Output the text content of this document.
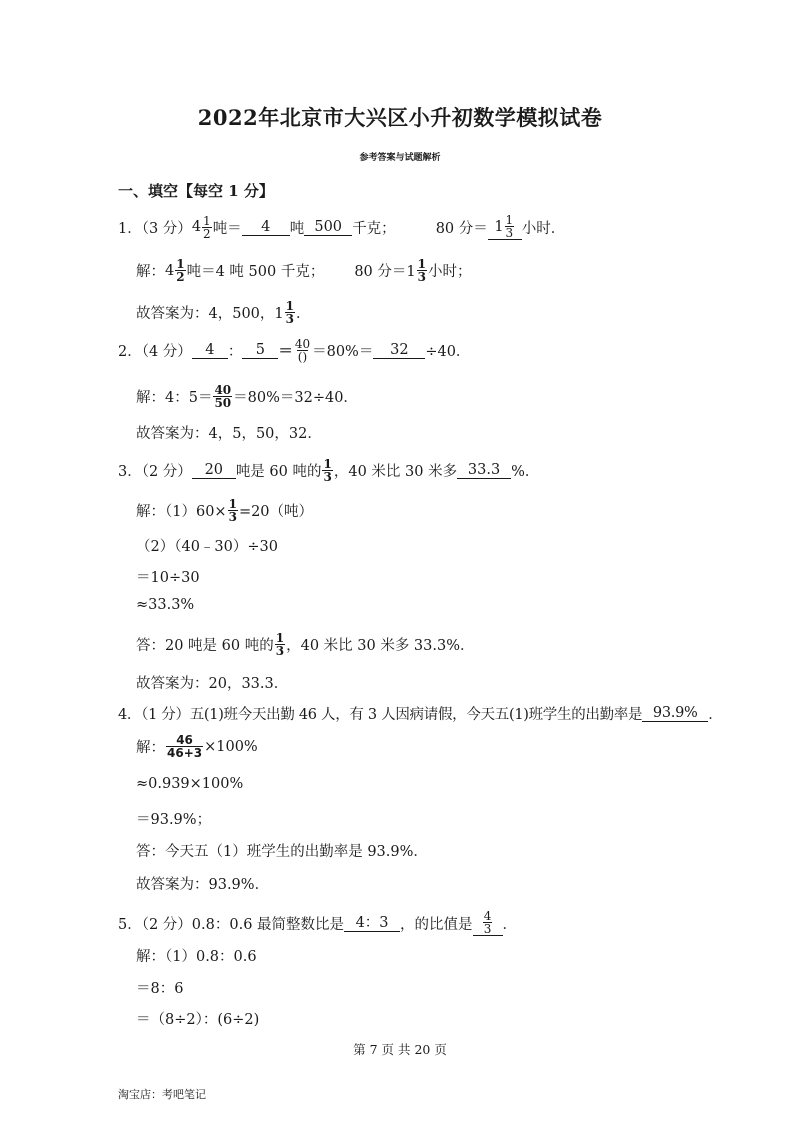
2022年北京市大兴区小升初数学模拟试卷
参考答案与试题解析
一、填空【每空 1 分】
1．（3 分） $4 \frac{1}{2}$ 吨＝	4	吨 500 千克；	80 分＝ $1 \frac{1}{3}$ 小时．
解： $4 \frac{1}{2}$ 吨＝4 吨 500 千克； 80 分$=1 \frac{1}{3}$ 小时；
故答案为：4，500，$1 \frac{1}{3}$ ．
2．（4 分） 4 ： $5 = \frac{40}{()} =80\%=$	32	÷40．
解：4：$5= \frac{40}{50} =80\%=32\div 40$．
故答案为：4，5，50，32．
3．（2 分） 20 吨是 60 吨的 $\frac{1}{3}$ ，40 米比 30 米多 33.3 %．
解：$(1)60\times \frac{1}{3} =20$（吨）
（2）（40﹣30）÷30
＝10÷30
≈33.3%
答：20 吨是 60 吨的 $\frac{1}{3}$ ，40 米比 30 米多 33.3%．
故答案为：20，33.3．
4．（1 分）五(1)班今天出勤 46 人，有 3 人因病请假，今天五(1)班学生的出勤率是 93.9% ．
解： $\frac{46}{46+3} \times 100\%$
≈0.939×100%
＝93.9%；
答：今天五（1）班学生的出勤率是 93.9%．
故答案为：93.9%．
5．（2 分）0.8：0.6 最简整数比是 4：3 ，的比值是 $\frac{4}{3}$ ．
解：（1）0.8：0.6
＝8：6
＝（8÷2）：(6÷2)
第 7 页 共 20 页
淘宝店：考吧笔记
